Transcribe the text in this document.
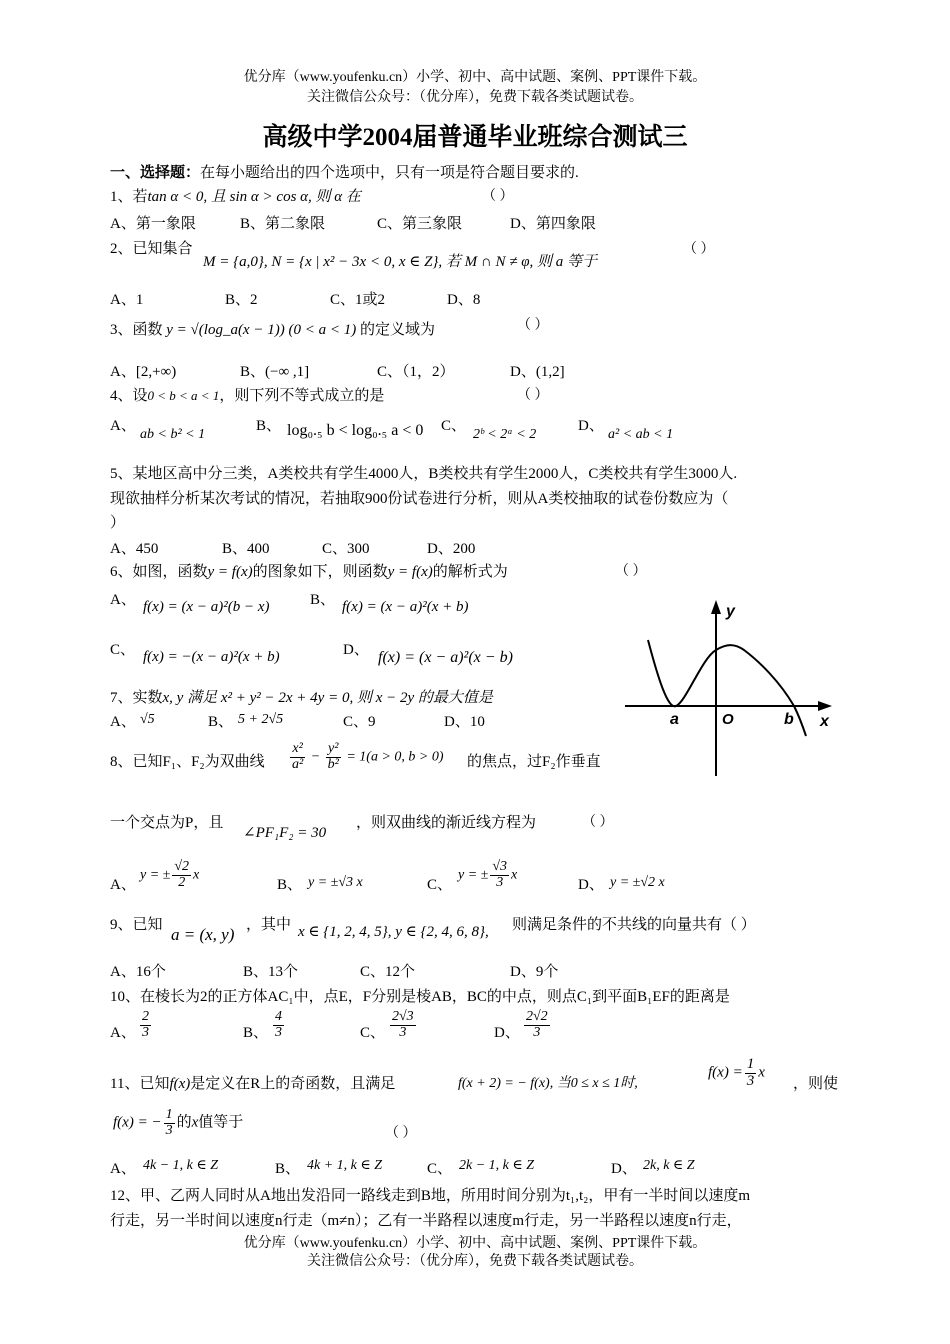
优分库（www.youfenku.cn）小学、初中、高中试题、案例、PPT课件下载。
关注微信公众号：（优分库），免费下载各类试题试卷。
高级中学2004届普通毕业班综合测试三
一、选择题：在每小题给出的四个选项中，只有一项是符合题目要求的.
1、若tan α < 0, 且 sin α > cos α, 则 α 在	（ ）
A、第一象限	B、第二象限	C、第三象限	D、第四象限
2、已知集合
M = {a,0}, N = {x | x² − 3x < 0, x ∈ Z}, 若 M ∩ N ≠ φ, 则 a 等于
（ ）
A、1	B、2	C、1或2	D、8
3、函数 y = √(log_a(x − 1)) (0 < a < 1) 的定义域为	（ ）
A、[2,+∞)	B、(−∞ ,1]	C、（1，2）	D、(1,2]
4、设0 < b < a < 1，则下列不等式成立的是	（ ）
A、
ab < b² < 1
B、 log₀.₅ b < log₀.₅ a < 0 C、
2ᵇ < 2ᵃ < 2
D、
a² < ab < 1
5、某地区高中分三类，A类校共有学生4000人，B类校共有学生2000人，C类校共有学生3000人.
现欲抽样分析某次考试的情况，若抽取900份试卷进行分析，则从A类校抽取的试卷份数应为（
）
A、450	B、400	C、300	D、200
6、如图，函数y = f(x)的图象如下，则函数y = f(x)的解析式为	（ ）
A、 f(x) = (x − a)²(b − x)	B、 f(x) = (x − a)²(x + b)
C、 f(x) = −(x − a)²(x + b)	D、 f(x) = (x − a)²(x − b)
y
x
a	O	b
7、实数x, y 满足 x² + y² − 2x + 4y = 0, 则 x − 2y 的最大值是
A、 √5	B、 5 + 2√5	C、9	D、10
8、已知F₁、F₂为双曲线 $\frac{\text{x²}}{\text{a²}} - \frac{\text{y²}}{\text{b²}} = 1(a > 0$, b > 0) 的焦点，过F₂作垂直
一个交点为P，且
∠PF₁F₂ = 30
，则双曲线的渐近线方程为	（ ）
A、
y = ± $\frac{√2}{2}$ x
B、 y = ±√3 x	C、
y = ± $\frac{√3}{3}$ x
D、 y = ±√2 x
9、已知 a = (x, y) ，其中 x ∈ {1, 2, 4, 5}, y ∈ {2, 4, 6, 8}, 则满足条件的不共线的向量共有（ ）
A、16个	B、13个	C、12个	D、9个
10、在棱长为2的正方体AC₁中，点E，F分别是棱AB，BC的中点，则点C₁到平面B₁EF的距离是
A、 $\frac{2}{3}$	B、 $\frac{4}{3}$	C、 $\frac{2√3}{3}$	D、 $\frac{2√2}{3}$
11、已知f(x)是定义在R上的奇函数，且满足	f(x + 2) = − f(x), 当0 ≤ x ≤ 1时,
$f(x) = \frac{1}{3}$ x
，则使
f(x) = − $\frac{1}{3}$ 的x值等于
（ ）
A、 4k − 1, k ∈ Z	B、 4k + 1, k ∈ Z	C、 2k − 1, k ∈ Z	D、 2k, k ∈ Z
12、甲、乙两人同时从A地出发沿同一路线走到B地，所用时间分别为t₁,t₂，甲有一半时间以速度m
行走，另一半时间以速度n行走（m≠n）；乙有一半路程以速度m行走，另一半路程以速度n行走，
优分库（www.youfenku.cn）小学、初中、高中试题、案例、PPT课件下载。
关注微信公众号：（优分库），免费下载各类试题试卷。
